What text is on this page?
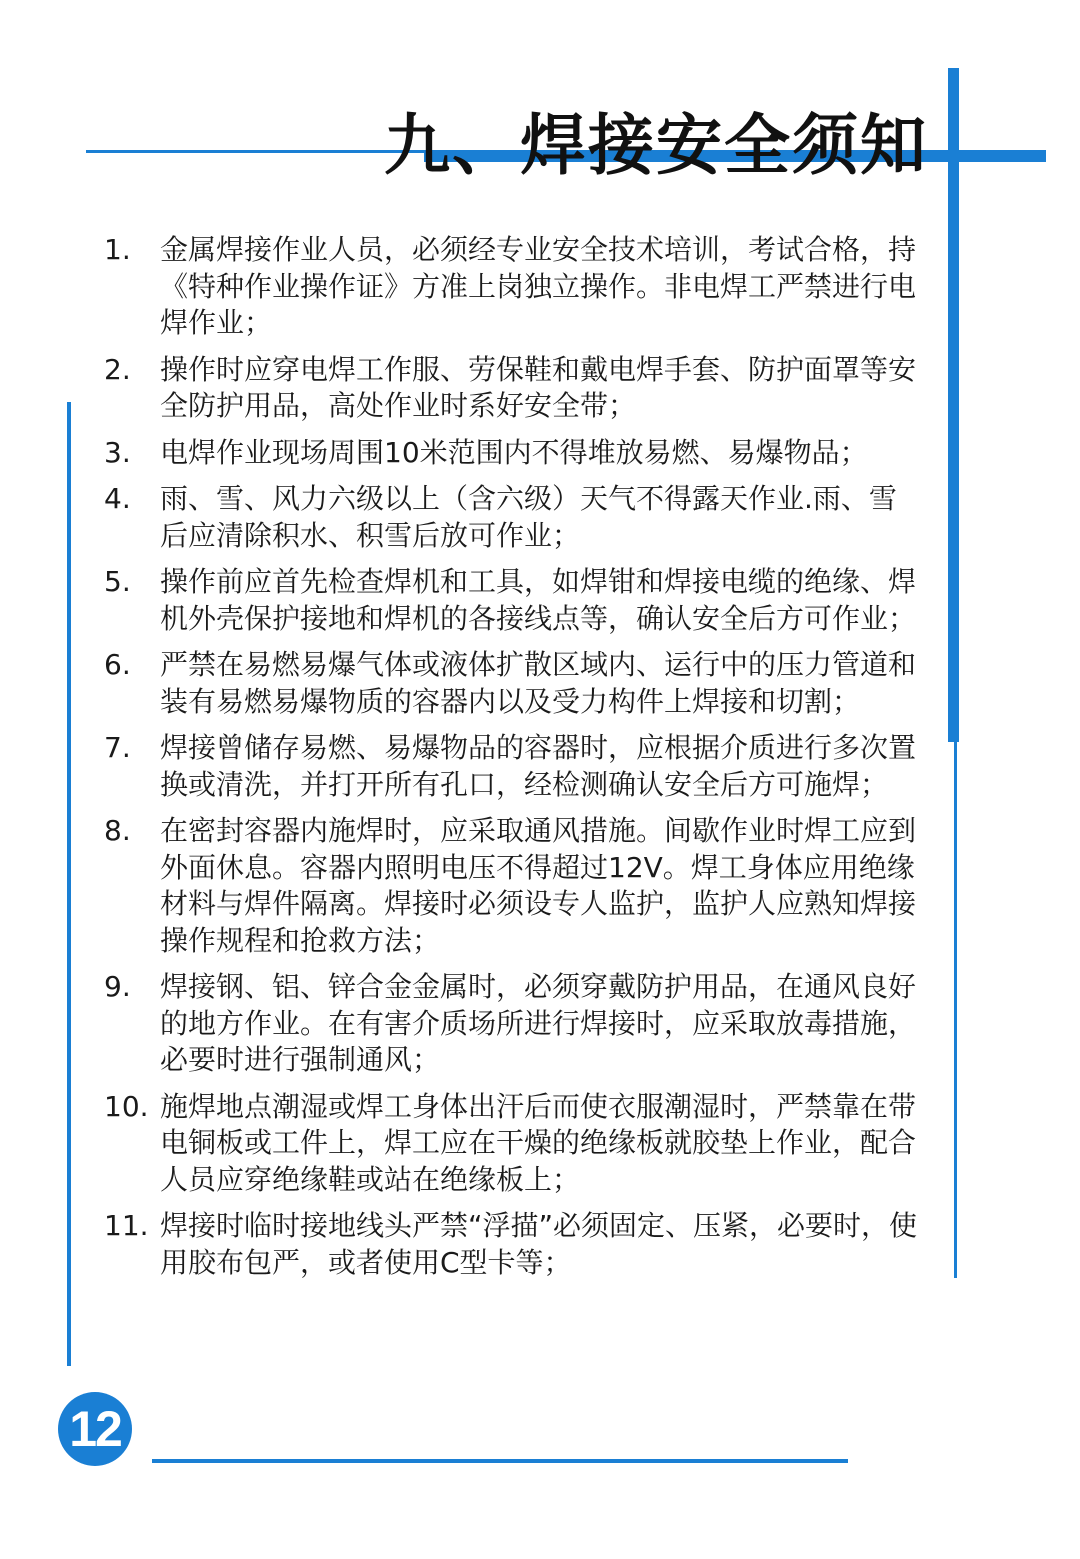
九、焊接安全须知
1.	金属焊接作业人员，必须经专业安全技术培训，考试合格，持《特种作业操作证》方准上岗独立操作。非电焊工严禁进行电焊作业；
2.	操作时应穿电焊工作服、劳保鞋和戴电焊手套、防护面罩等安全防护用品，高处作业时系好安全带；
3.	电焊作业现场周围10米范围内不得堆放易燃、易爆物品；
4.	雨、雪、风力六级以上（含六级）天气不得露天作业.雨、雪后应清除积水、积雪后放可作业；
5.	操作前应首先检查焊机和工具，如焊钳和焊接电缆的绝缘、焊机外壳保护接地和焊机的各接线点等，确认安全后方可作业；
6.	严禁在易燃易爆气体或液体扩散区域内、运行中的压力管道和装有易燃易爆物质的容器内以及受力构件上焊接和切割；
7.	焊接曾储存易燃、易爆物品的容器时，应根据介质进行多次置换或清洗，并打开所有孔口，经检测确认安全后方可施焊；
8.	在密封容器内施焊时，应采取通风措施。间歇作业时焊工应到外面休息。容器内照明电压不得超过12V。焊工身体应用绝缘材料与焊件隔离。焊接时必须设专人监护，监护人应熟知焊接操作规程和抢救方法；
9.	焊接钢、铝、锌合金金属时，必须穿戴防护用品，在通风良好的地方作业。在有害介质场所进行焊接时，应采取放毒措施，必要时进行强制通风；
10. 施焊地点潮湿或焊工身体出汗后而使衣服潮湿时，严禁靠在带电铜板或工件上，焊工应在干燥的绝缘板就胶垫上作业，配合人员应穿绝缘鞋或站在绝缘板上；
11. 焊接时临时接地线头严禁“浮描”必须固定、压紧，必要时，使用胶布包严，或者使用C型卡等；
12
